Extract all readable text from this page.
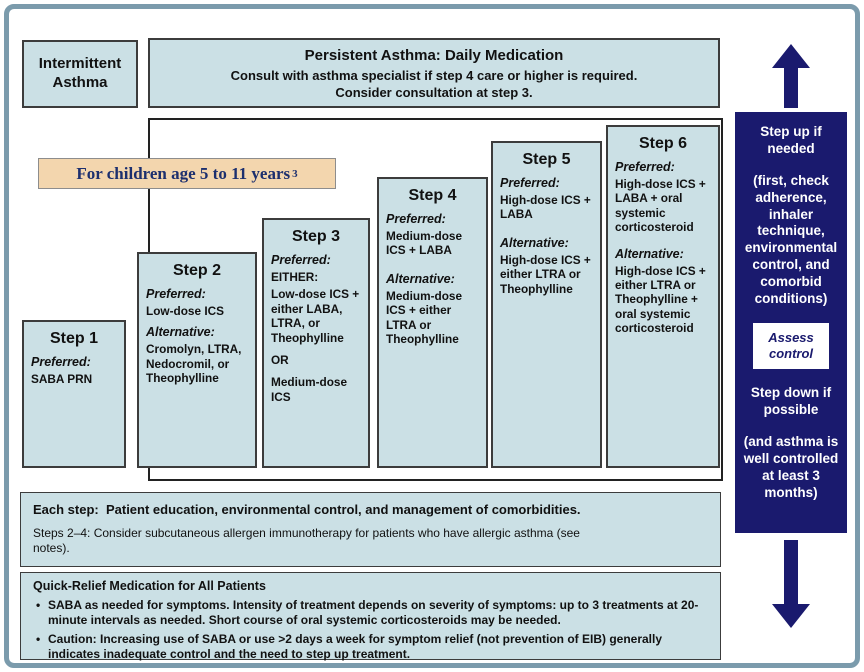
Intermittent Asthma
Persistent Asthma: Daily Medication
Consult with asthma specialist if step 4 care or higher is required.
Consider consultation at step 3.
For children age 5 to 11 years 3
Step 1
Preferred:
SABA PRN
Step 2
Preferred:
Low-dose ICS
Alternative:
Cromolyn, LTRA, Nedocromil, or Theophylline
Step 3
Preferred:
EITHER:
Low-dose ICS + either LABA, LTRA, or Theophylline
OR
Medium-dose ICS
Step 4
Preferred:
Medium-dose ICS + LABA
Alternative:
Medium-dose ICS + either LTRA or Theophylline
Step 5
Preferred:
High-dose ICS + LABA
Alternative:
High-dose ICS + either LTRA or Theophylline
Step 6
Preferred:
High-dose ICS + LABA + oral systemic corticosteroid
Alternative:
High-dose ICS + either LTRA or Theophylline + oral systemic corticosteroid
Each step:  Patient education, environmental control, and management of comorbidities.
Steps 2–4: Consider subcutaneous allergen immunotherapy for patients who have allergic asthma (see notes).
Quick-Relief Medication for All Patients
• SABA as needed for symptoms. Intensity of treatment depends on severity of symptoms: up to 3 treatments at 20-minute intervals as needed. Short course of oral systemic corticosteroids may be needed.
• Caution: Increasing use of SABA or use >2 days a week for symptom relief (not prevention of EIB) generally indicates inadequate control and the need to step up treatment.
Step up if needed
(first, check adherence, inhaler technique, environmental control, and comorbid conditions)
Assess control
Step down if possible
(and asthma is well controlled at least 3 months)
